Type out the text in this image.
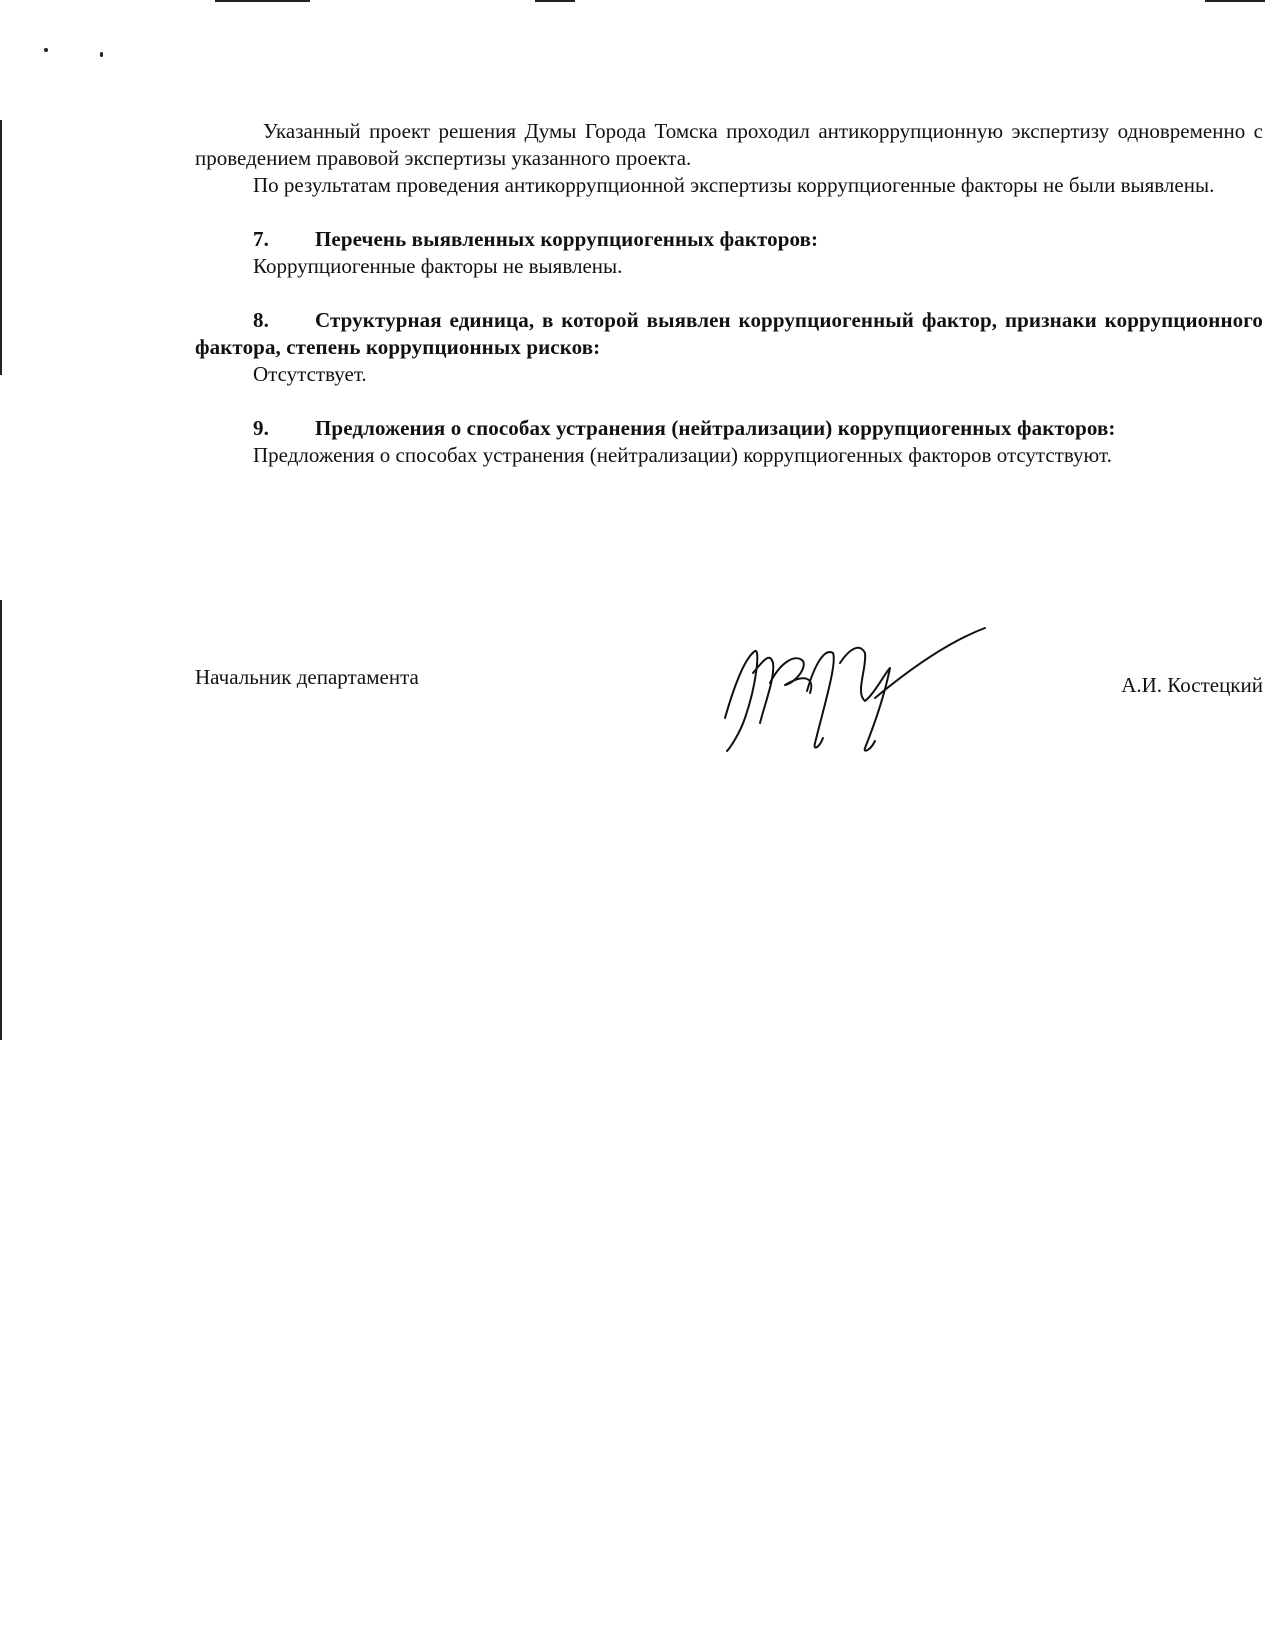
Указанный проект решения Думы Города Томска проходил антикоррупционную экспертизу одновременно с проведением правовой экспертизы указанного проекта.

По результатам проведения антикоррупционной экспертизы коррупциогенные факторы не были выявлены.

7. Перечень выявленных коррупциогенных факторов:

Коррупциогенные факторы не выявлены.

8. Структурная единица, в которой выявлен коррупциогенный фактор, признаки коррупционного фактора, степень коррупционных рисков:

Отсутствует.

9. Предложения о способах устранения (нейтрализации) коррупциогенных факторов:

Предложения о способах устранения (нейтрализации) коррупциогенных факторов отсутствуют.

Начальник департамента	А.И. Костецкий
